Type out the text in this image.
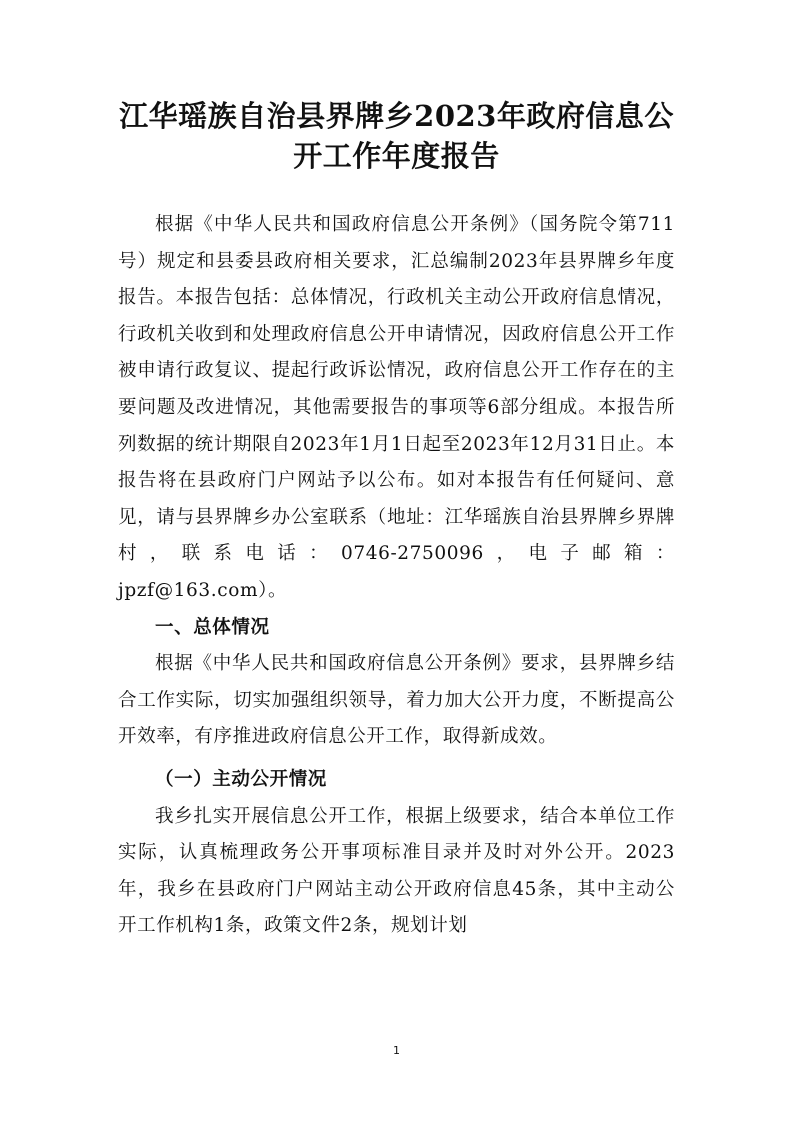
江华瑶族自治县界牌乡2023年政府信息公开工作年度报告

根据《中华人民共和国政府信息公开条例》（国务院令第711号）规定和县委县政府相关要求，汇总编制2023年县界牌乡年度报告。本报告包括：总体情况，行政机关主动公开政府信息情况，行政机关收到和处理政府信息公开申请情况，因政府信息公开工作被申请行政复议、提起行政诉讼情况，政府信息公开工作存在的主要问题及改进情况，其他需要报告的事项等6部分组成。本报告所列数据的统计期限自2023年1月1日起至2023年12月31日止。本报告将在县政府门户网站予以公布。如对本报告有任何疑问、意见，请与县界牌乡办公室联系（地址：江华瑶族自治县界牌乡界牌村，联系电话：0746-2750096，电子邮箱：jpzf@163.com）。

一、总体情况

根据《中华人民共和国政府信息公开条例》要求，县界牌乡结合工作实际，切实加强组织领导，着力加大公开力度，不断提高公开效率，有序推进政府信息公开工作，取得新成效。

（一）主动公开情况

我乡扎实开展信息公开工作，根据上级要求，结合本单位工作实际，认真梳理政务公开事项标准目录并及时对外公开。2023年，我乡在县政府门户网站主动公开政府信息45条，其中主动公开工作机构1条，政策文件2条，规划计划

1
